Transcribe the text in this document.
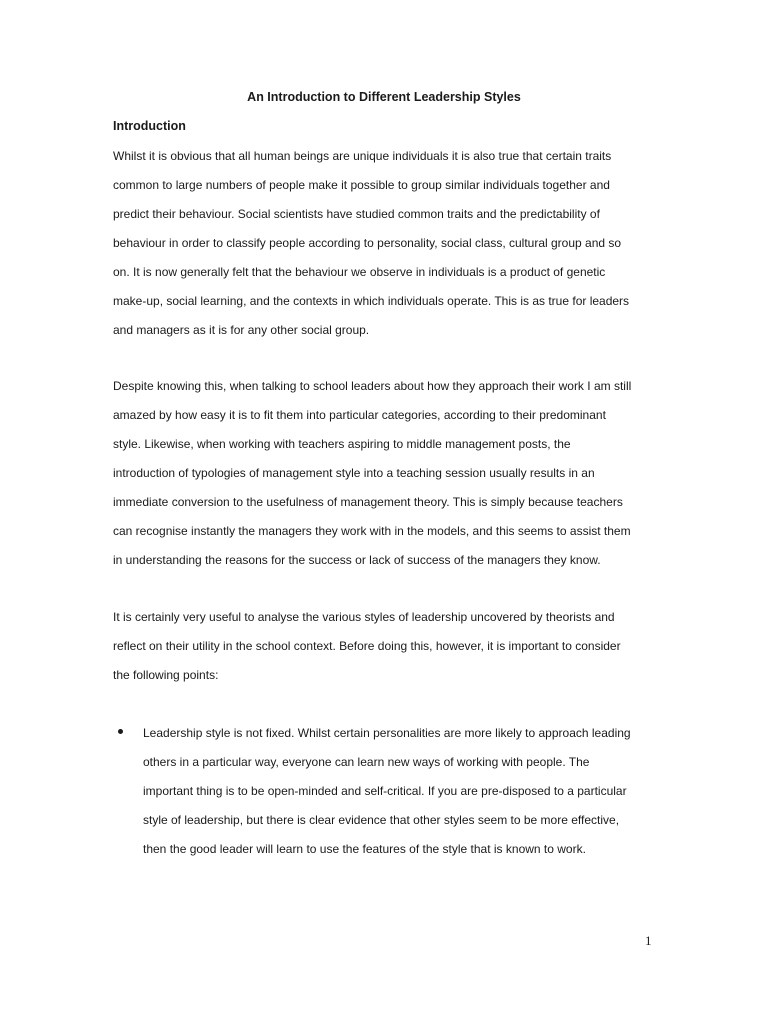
An Introduction to Different Leadership Styles
Introduction

Whilst it is obvious that all human beings are unique individuals it is also true that certain traits

common to large numbers of people make it possible to group similar individuals together and

predict their behaviour. Social scientists have studied common traits and the predictability of

behaviour in order to classify people according to personality, social class, cultural group and so

on. It is now generally felt that the behaviour we observe in individuals is a product of genetic

make-up, social learning, and the contexts in which individuals operate. This is as true for leaders

and managers as it is for any other social group.

Despite knowing this, when talking to school leaders about how they approach their work I am still

amazed by how easy it is to fit them into particular categories, according to their predominant

style. Likewise, when working with teachers aspiring to middle management posts, the

introduction of typologies of management style into a teaching session usually results in an

immediate conversion to the usefulness of management theory. This is simply because teachers

can recognise instantly the managers they work with in the models, and this seems to assist them

in understanding the reasons for the success or lack of success of the managers they know.

It is certainly very useful to analyse the various styles of leadership uncovered by theorists and

reflect on their utility in the school context. Before doing this, however, it is important to consider

the following points:

Leadership style is not fixed. Whilst certain personalities are more likely to approach leading

others in a particular way, everyone can learn new ways of working with people. The

important thing is to be open-minded and self-critical. If you are pre-disposed to a particular

style of leadership, but there is clear evidence that other styles seem to be more effective,

then the good leader will learn to use the features of the style that is known to work.

1
